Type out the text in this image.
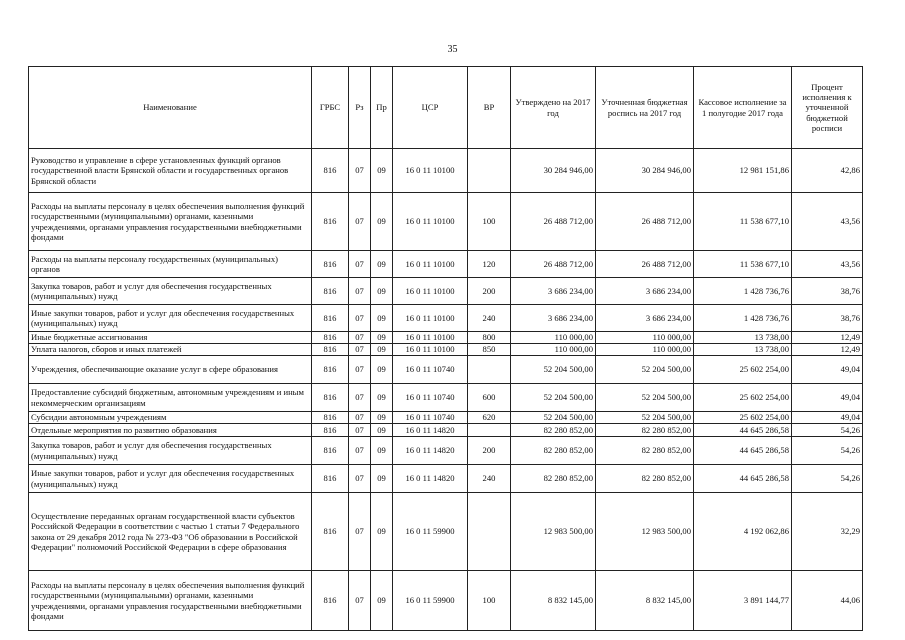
35
Наименование	ГРБС	Рз	Пр	ЦСР	ВР	Утверждено на 2017 год	Уточненная бюджетная роспись на 2017 год	Кассовое исполнение за 1 полугодие 2017 года	Процент исполнения к уточненной бюджетной росписи
Руководство и управление в сфере установленных функций органов государственной власти Брянской области и государственных органов Брянской области	816	07	09	16 0 11 10100		30 284 946,00	30 284 946,00	12 981 151,86	42,86
Расходы на выплаты персоналу в целях обеспечения выполнения функций государственными (муниципальными) органами, казенными учреждениями, органами управления государственными внебюджетными фондами	816	07	09	16 0 11 10100	100	26 488 712,00	26 488 712,00	11 538 677,10	43,56
Расходы на выплаты персоналу государственных (муниципальных) органов	816	07	09	16 0 11 10100	120	26 488 712,00	26 488 712,00	11 538 677,10	43,56
Закупка товаров, работ и услуг для обеспечения государственных (муниципальных) нужд	816	07	09	16 0 11 10100	200	3 686 234,00	3 686 234,00	1 428 736,76	38,76
Иные закупки товаров, работ и услуг для обеспечения государственных (муниципальных) нужд	816	07	09	16 0 11 10100	240	3 686 234,00	3 686 234,00	1 428 736,76	38,76
Иные бюджетные ассигнования	816	07	09	16 0 11 10100	800	110 000,00	110 000,00	13 738,00	12,49
Уплата налогов, сборов и иных платежей	816	07	09	16 0 11 10100	850	110 000,00	110 000,00	13 738,00	12,49
Учреждения, обеспечивающие оказание услуг в сфере образования	816	07	09	16 0 11 10740		52 204 500,00	52 204 500,00	25 602 254,00	49,04
Предоставление субсидий бюджетным, автономным учреждениям и иным некоммерческим организациям	816	07	09	16 0 11 10740	600	52 204 500,00	52 204 500,00	25 602 254,00	49,04
Субсидии автономным учреждениям	816	07	09	16 0 11 10740	620	52 204 500,00	52 204 500,00	25 602 254,00	49,04
Отдельные мероприятия по развитию образования	816	07	09	16 0 11 14820		82 280 852,00	82 280 852,00	44 645 286,58	54,26
Закупка товаров, работ и услуг для обеспечения государственных (муниципальных) нужд	816	07	09	16 0 11 14820	200	82 280 852,00	82 280 852,00	44 645 286,58	54,26
Иные закупки товаров, работ и услуг для обеспечения государственных (муниципальных) нужд	816	07	09	16 0 11 14820	240	82 280 852,00	82 280 852,00	44 645 286,58	54,26
Осуществление переданных органам государственной власти субъектов Российской Федерации в соответствии с частью 1 статьи 7 Федерального закона от 29 декабря 2012 года № 273-ФЗ "Об образовании в Российской Федерации" полномочий Российской Федерации в сфере образования	816	07	09	16 0 11 59900		12 983 500,00	12 983 500,00	4 192 062,86	32,29
Расходы на выплаты персоналу в целях обеспечения выполнения функций государственными (муниципальными) органами, казенными учреждениями, органами управления государственными внебюджетными фондами	816	07	09	16 0 11 59900	100	8 832 145,00	8 832 145,00	3 891 144,77	44,06
